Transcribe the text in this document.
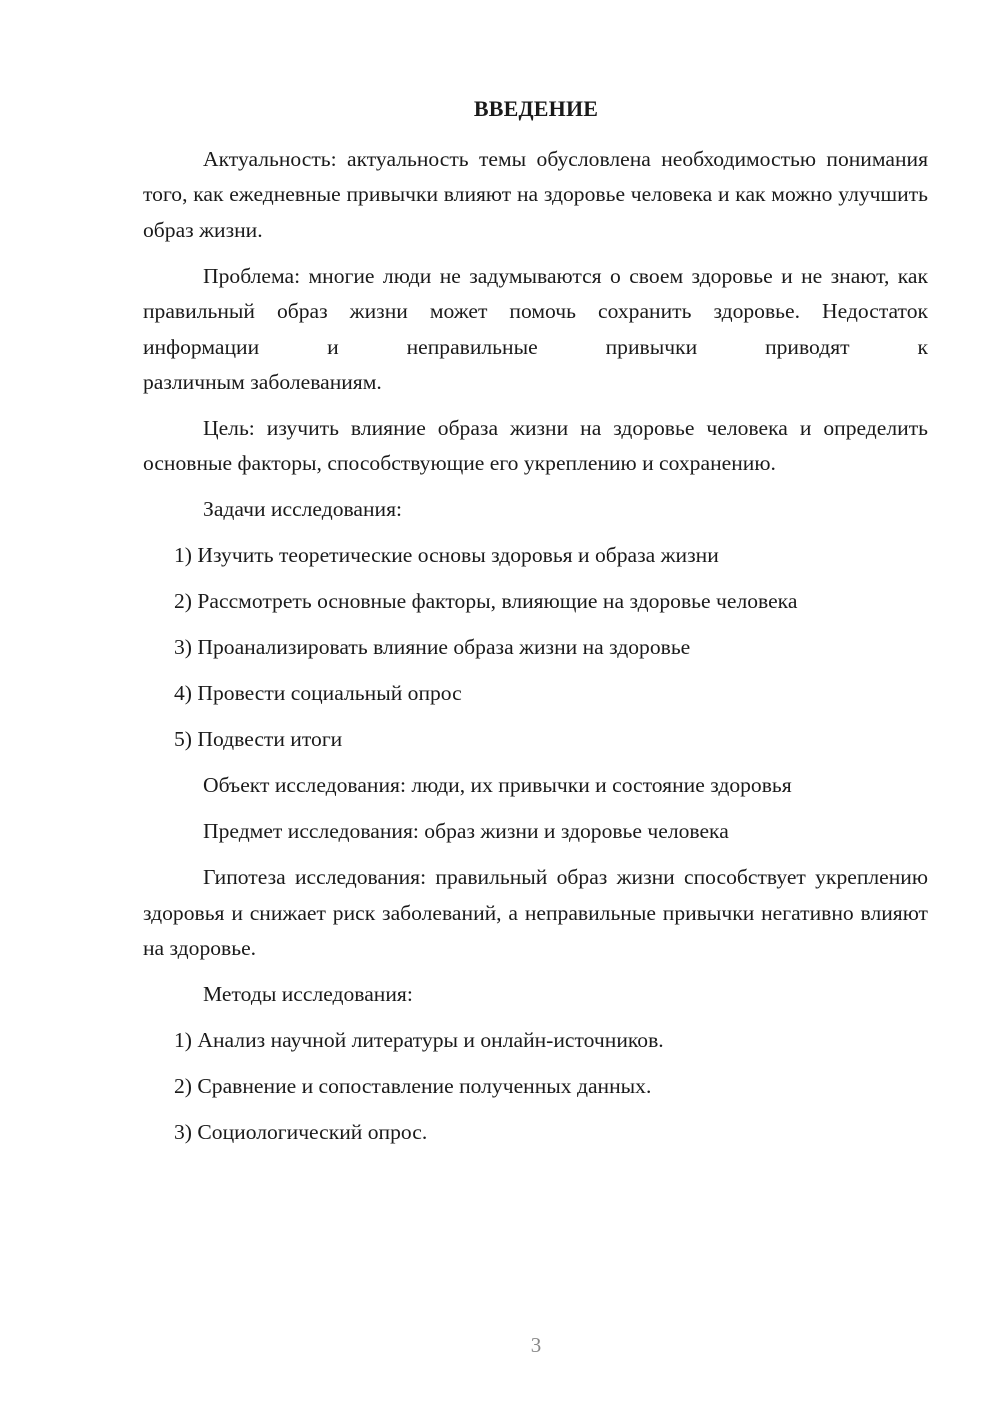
ВВЕДЕНИЕ

Актуальность: актуальность темы обусловлена необходимостью понимания того, как ежедневные привычки влияют на здоровье человека и как можно улучшить образ жизни.

Проблема: многие люди не задумываются о своем здоровье и не знают, как правильный образ жизни может помочь сохранить здоровье. Недостаток информации и неправильные привычки приводят к

различным заболеваниям.

Цель: изучить влияние образа жизни на здоровье человека и определить основные факторы, способствующие его укреплению и сохранению.

Задачи исследования:

1) Изучить теоретические основы здоровья и образа жизни

2) Рассмотреть основные факторы, влияющие на здоровье человека

3) Проанализировать влияние образа жизни на здоровье

4) Провести социальный опрос

5) Подвести итоги

Объект исследования: люди, их привычки и состояние здоровья

Предмет исследования: образ жизни и здоровье человека

Гипотеза исследования: правильный образ жизни способствует укреплению здоровья и снижает риск заболеваний, а неправильные привычки негативно влияют на здоровье.

Методы исследования:

1) Анализ научной литературы и онлайн-источников.

2) Сравнение и сопоставление полученных данных.

3) Социологический опрос.

3
